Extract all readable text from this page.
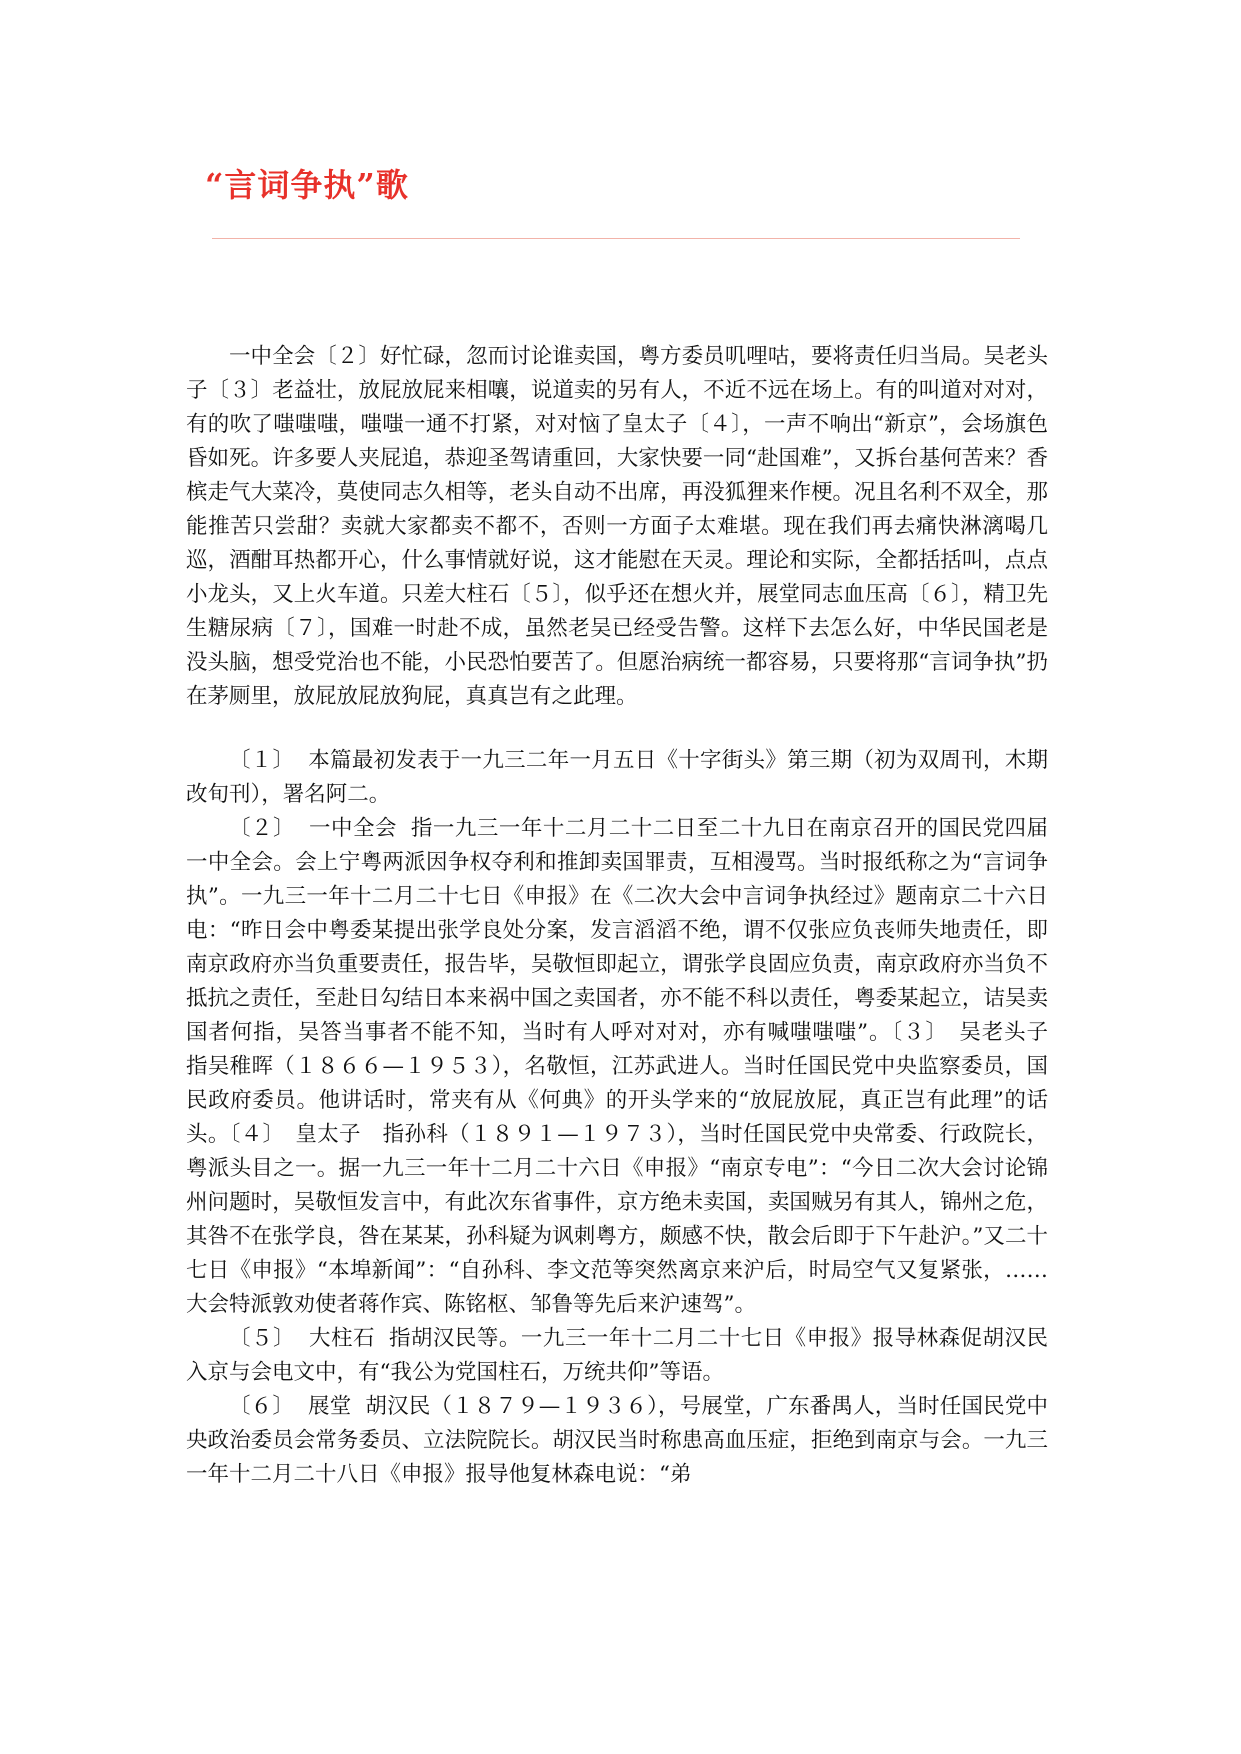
“言词争执”歌

一中全会〔２〕好忙碌，忽而讨论谁卖国，粤方委员叽哩咕，要将责任归当局。吴老头子〔３〕老益壮，放屁放屁来相嚷，说道卖的另有人，不近不远在场上。有的叫道对对对，有的吹了嗤嗤嗤，嗤嗤一通不打紧，对对恼了皇太子〔４〕，一声不响出“新京”，会场旗色昏如死。许多要人夹屁追，恭迎圣驾请重回，大家快要一同“赴国难”，又拆台基何苦来？香槟走气大菜冷，莫使同志久相等，老头自动不出席，再没狐狸来作梗。况且名利不双全，那能推苦只尝甜？卖就大家都卖不都不，否则一方面子太难堪。现在我们再去痛快淋漓喝几巡，酒酣耳热都开心，什么事情就好说，这才能慰在天灵。理论和实际，全都括括叫，点点小龙头，又上火车道。只差大柱石〔５〕，似乎还在想火并，展堂同志血压高〔６〕，精卫先生糖尿病〔７〕，国难一时赴不成，虽然老吴已经受告警。这样下去怎么好，中华民国老是没头脑，想受党治也不能，小民恐怕要苦了。但愿治病统一都容易，只要将那“言词争执”扔在茅厕里，放屁放屁放狗屁，真真岂有之此理。

〔１〕 本篇最初发表于一九三二年一月五日《十字街头》第三期（初为双周刊，木期改旬刊），署名阿二。

〔２〕 一中全会 指一九三一年十二月二十二日至二十九日在南京召开的国民党四届一中全会。会上宁粤两派因争权夺利和推卸卖国罪责，互相漫骂。当时报纸称之为“言词争执”。一九三一年十二月二十七日《申报》在《二次大会中言词争执经过》题南京二十六日电：“昨日会中粤委某提出张学良处分案，发言滔滔不绝，谓不仅张应负丧师失地责任，即南京政府亦当负重要责任，报告毕，吴敬恒即起立，谓张学良固应负责，南京政府亦当负不抵抗之责任，至赴日勾结日本来祸中国之卖国者，亦不能不科以责任，粤委某起立，诘吴卖国者何指，吴答当事者不能不知，当时有人呼对对对，亦有喊嗤嗤嗤”。〔３〕　吴老头子　指吴稚晖（１８６６—１９５３），名敬恒，江苏武进人。当时任国民党中央监察委员，国民政府委员。他讲话时，常夹有从《何典》的开头学来的“放屁放屁，真正岂有此理”的话头。〔４〕　皇太子　指孙科（１８９１—１９７３），当时任国民党中央常委、行政院长，粤派头目之一。据一九三一年十二月二十六日《申报》“南京专电”：“今日二次大会讨论锦州问题时，吴敬恒发言中，有此次东省事件，京方绝未卖国，卖国贼另有其人，锦州之危，其咎不在张学良，咎在某某，孙科疑为讽刺粤方，颇感不快，散会后即于下午赴沪。”又二十七日《申报》“本埠新闻”：“自孙科、李文范等突然离京来沪后，时局空气又复紧张，……大会特派敦劝使者蒋作宾、陈铭枢、邹鲁等先后来沪速驾”。

〔５〕 大柱石 指胡汉民等。一九三一年十二月二十七日《申报》报导林森促胡汉民入京与会电文中，有“我公为党国柱石，万统共仰”等语。

〔６〕 展堂 胡汉民（１８７９—１９３６），号展堂，广东番禺人，当时任国民党中央政治委员会常务委员、立法院院长。胡汉民当时称患高血压症，拒绝到南京与会。一九三一年十二月二十八日《申报》报导他复林森电说：“弟
